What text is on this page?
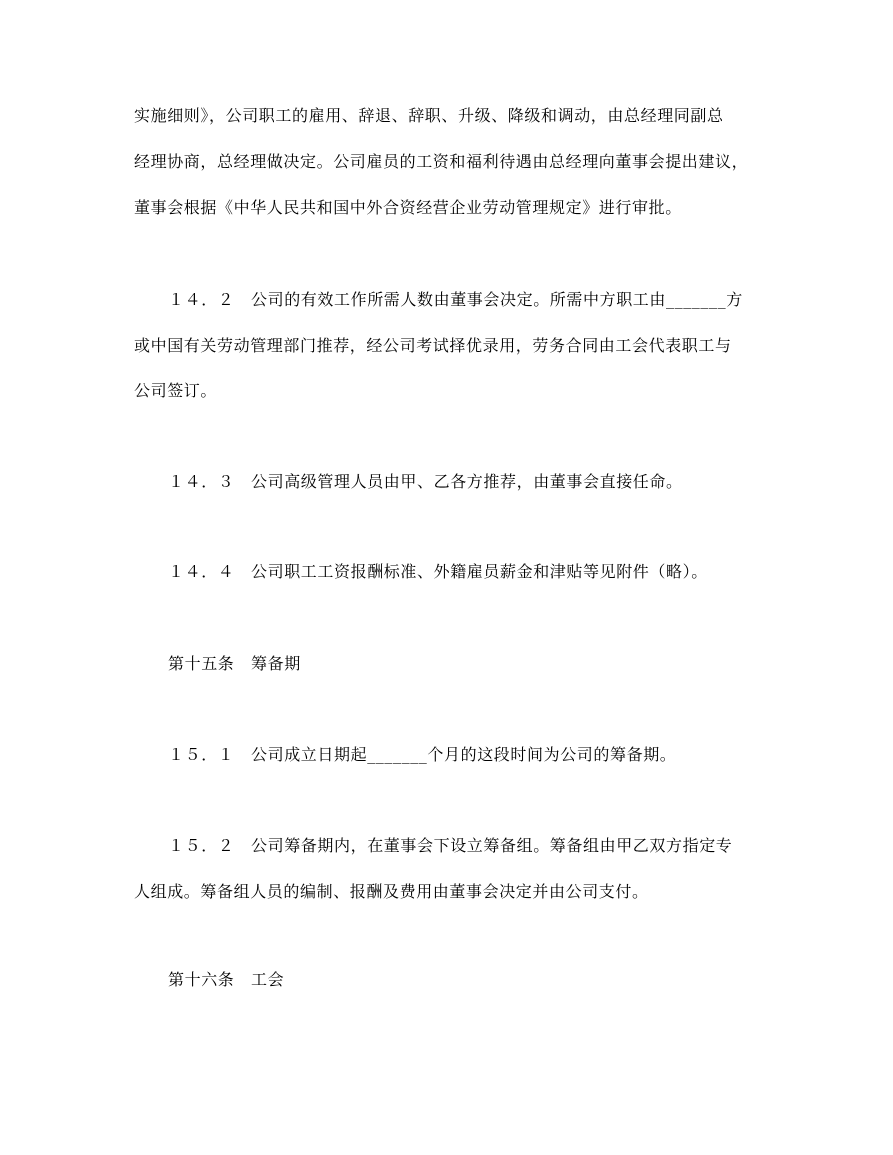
实施细则》，公司职工的雇用、辞退、辞职、升级、降级和调动，由总经理同副总
经理协商，总经理做决定。公司雇员的工资和福利待遇由总经理向董事会提出建议，
董事会根据《中华人民共和国中外合资经营企业劳动管理规定》进行审批。
１４．２　公司的有效工作所需人数由董事会决定。所需中方职工由_______方
或中国有关劳动管理部门推荐，经公司考试择优录用，劳务合同由工会代表职工与
公司签订。
１４．３　公司高级管理人员由甲、乙各方推荐，由董事会直接任命。
１４．４　公司职工工资报酬标准、外籍雇员薪金和津贴等见附件（略）。
第十五条　筹备期
１５．１　公司成立日期起_______个月的这段时间为公司的筹备期。
１５．２　公司筹备期内，在董事会下设立筹备组。筹备组由甲乙双方指定专
人组成。筹备组人员的编制、报酬及费用由董事会决定并由公司支付。
第十六条　工会
